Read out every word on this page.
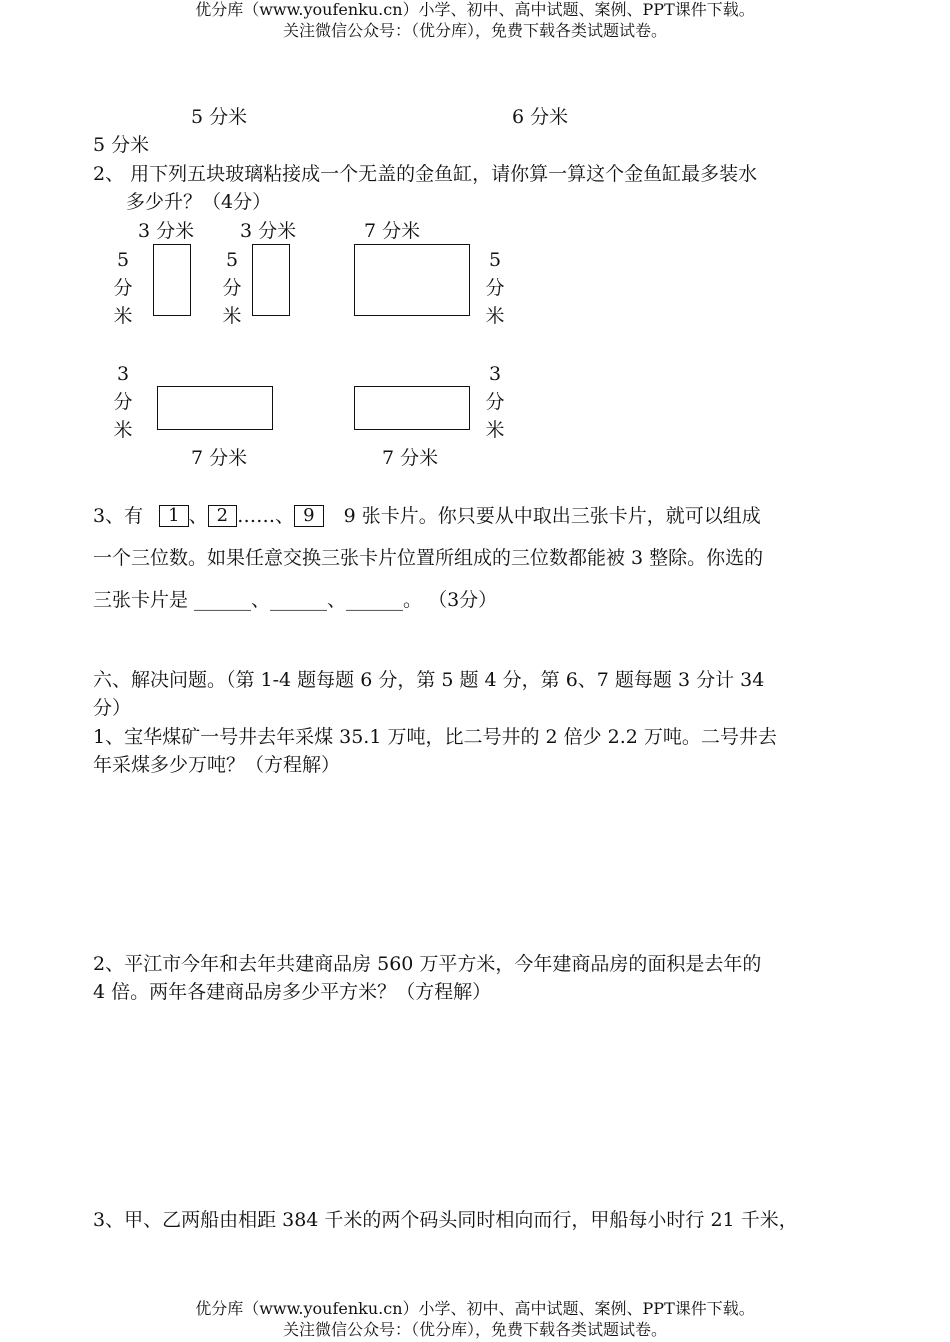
优分库（www.youfenku.cn）小学、初中、高中试题、案例、PPT课件下载。
关注微信公众号：（优分库），免费下载各类试题试卷。
5 分米	6 分米
5 分米
2、 用下列五块玻璃粘接成一个无盖的金鱼缸，请你算一算这个金鱼缸最多装水
多少升？（4分）
3 分米 3 分米	7 分米
5
分
米
5
分
米
5
分
米
3
分
米
3
分
米
7 分米	7 分米
3、有 1 、 2 ……、 9 9 张卡片。你只要从中取出三张卡片，就可以组成
一个三位数。如果任意交换三张卡片位置所组成的三位数都能被 3 整除。你选的
三张卡片是 ______、______、______。 （3分）
六、解决问题。（第 1-4 题每题 6 分，第 5 题 4 分，第 6、7 题每题 3 分计 34
分）
1、宝华煤矿一号井去年采煤 35.1 万吨，比二号井的 2 倍少 2.2 万吨。二号井去
年采煤多少万吨？（方程解）
2、平江市今年和去年共建商品房 560 万平方米，今年建商品房的面积是去年的
4 倍。两年各建商品房多少平方米？（方程解）
3、甲、乙两船由相距 384 千米的两个码头同时相向而行，甲船每小时行 21 千米，
优分库（www.youfenku.cn）小学、初中、高中试题、案例、PPT课件下载。
关注微信公众号：（优分库），免费下载各类试题试卷。
